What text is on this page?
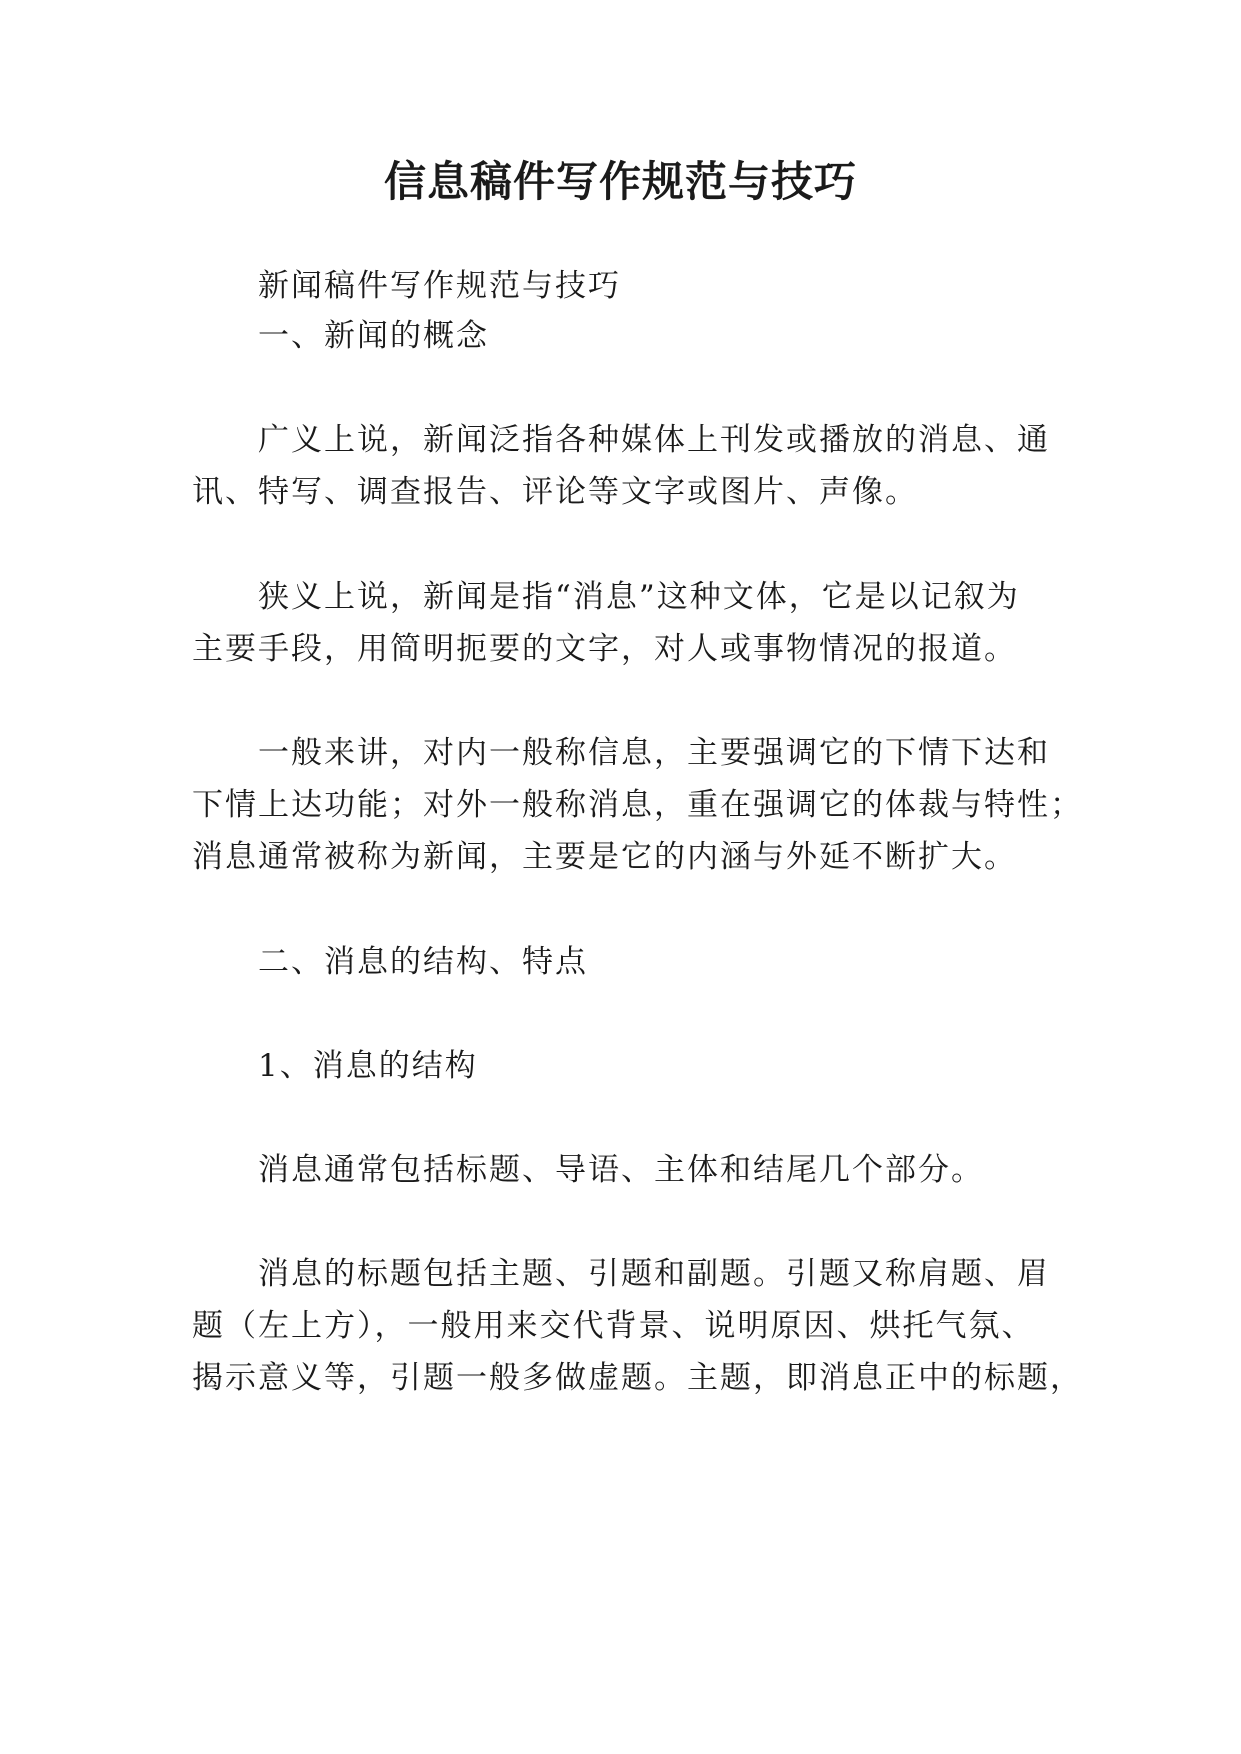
信息稿件写作规范与技巧
新闻稿件写作规范与技巧
一、新闻的概念
广义上说，新闻泛指各种媒体上刊发或播放的消息、通
讯、特写、调查报告、评论等文字或图片、声像。
狭义上说，新闻是指“消息”这种文体，它是以记叙为
主要手段，用简明扼要的文字，对人或事物情况的报道。
一般来讲，对内一般称信息，主要强调它的下情下达和
下情上达功能；对外一般称消息，重在强调它的体裁与特性；
消息通常被称为新闻，主要是它的内涵与外延不断扩大。
二、消息的结构、特点
1、消息的结构
消息通常包括标题、导语、主体和结尾几个部分。
消息的标题包括主题、引题和副题。引题又称肩题、眉
题（左上方），一般用来交代背景、说明原因、烘托气氛、
揭示意义等，引题一般多做虚题。主题，即消息正中的标题，
